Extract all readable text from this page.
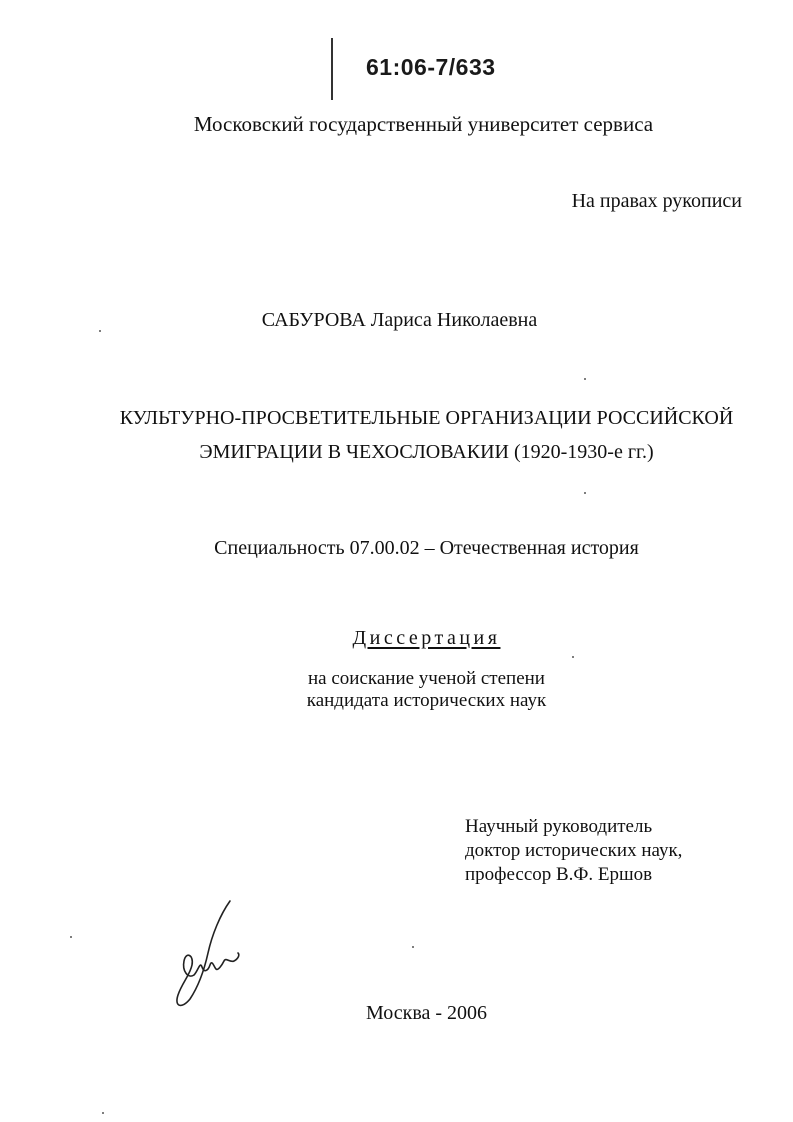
61:06-7/633
Московский государственный университет сервиса
На правах рукописи
САБУРОВА Лариса Николаевна
КУЛЬТУРНО-ПРОСВЕТИТЕЛЬНЫЕ ОРГАНИЗАЦИИ РОССИЙСКОЙ
ЭМИГРАЦИИ В ЧЕХОСЛОВАКИИ (1920-1930-е гг.)
Специальность 07.00.02 – Отечественная история
Диссертация
на соискание ученой степени
кандидата исторических наук
Научный руководитель
доктор исторических наук,
профессор В.Ф. Ершов
Москва - 2006
